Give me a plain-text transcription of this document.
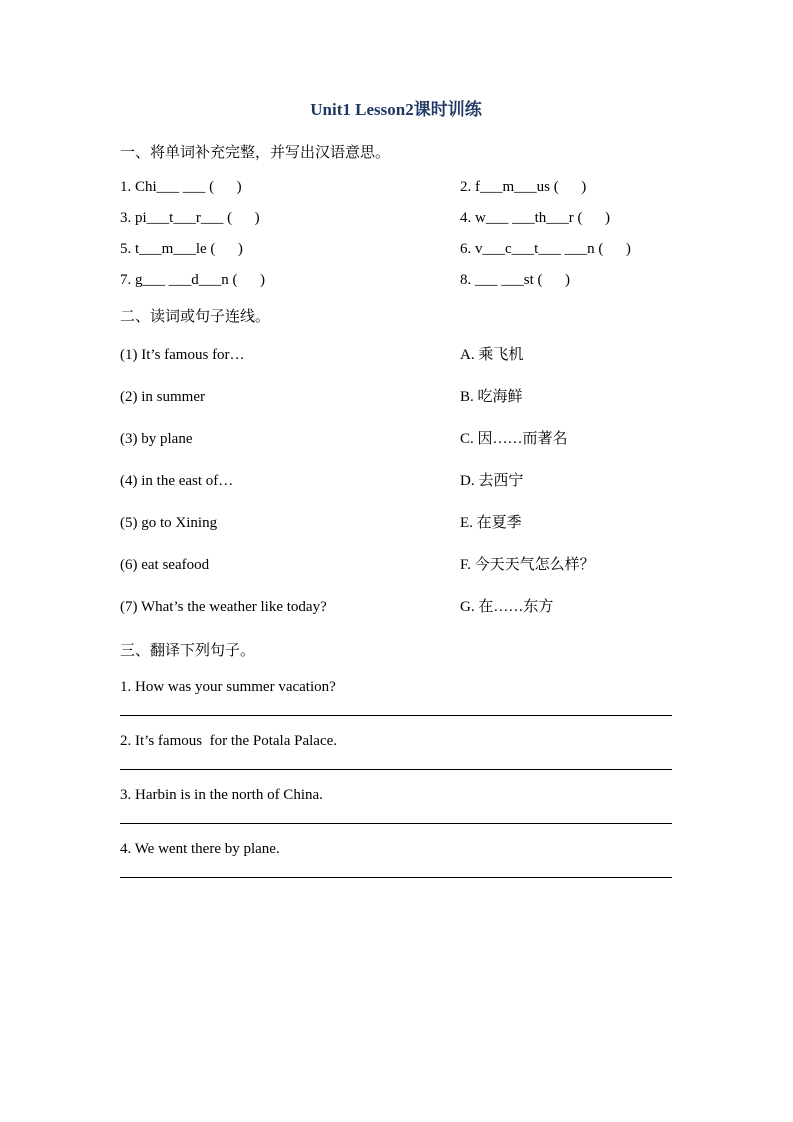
Unit1 Lesson2课时训练
一、将单词补充完整，并写出汉语意思。
1. Chi___ ___ (      )	2. f___m___us (      )
3. pi___t___r___ (      )	4. w___ ___th___r (      )
5. t___m___le (      )	6. v___c___t___ ___n (      )
7. g___ ___d___n (      )	8. ___ ___st (      )
二、读词或句子连线。
(1) It’s famous for…	A. 乘飞机
(2) in summer	B. 吃海鲜
(3) by plane	C. 因……而著名
(4) in the east of…	D. 去西宁
(5) go to Xining	E. 在夏季
(6) eat seafood	F. 今天天气怎么样？
(7) What’s the weather like today?	G. 在……东方
三、翻译下列句子。
1. How was your summer vacation?
2. It’s famous  for the Potala Palace.
3. Harbin is in the north of China.
4. We went there by plane.
